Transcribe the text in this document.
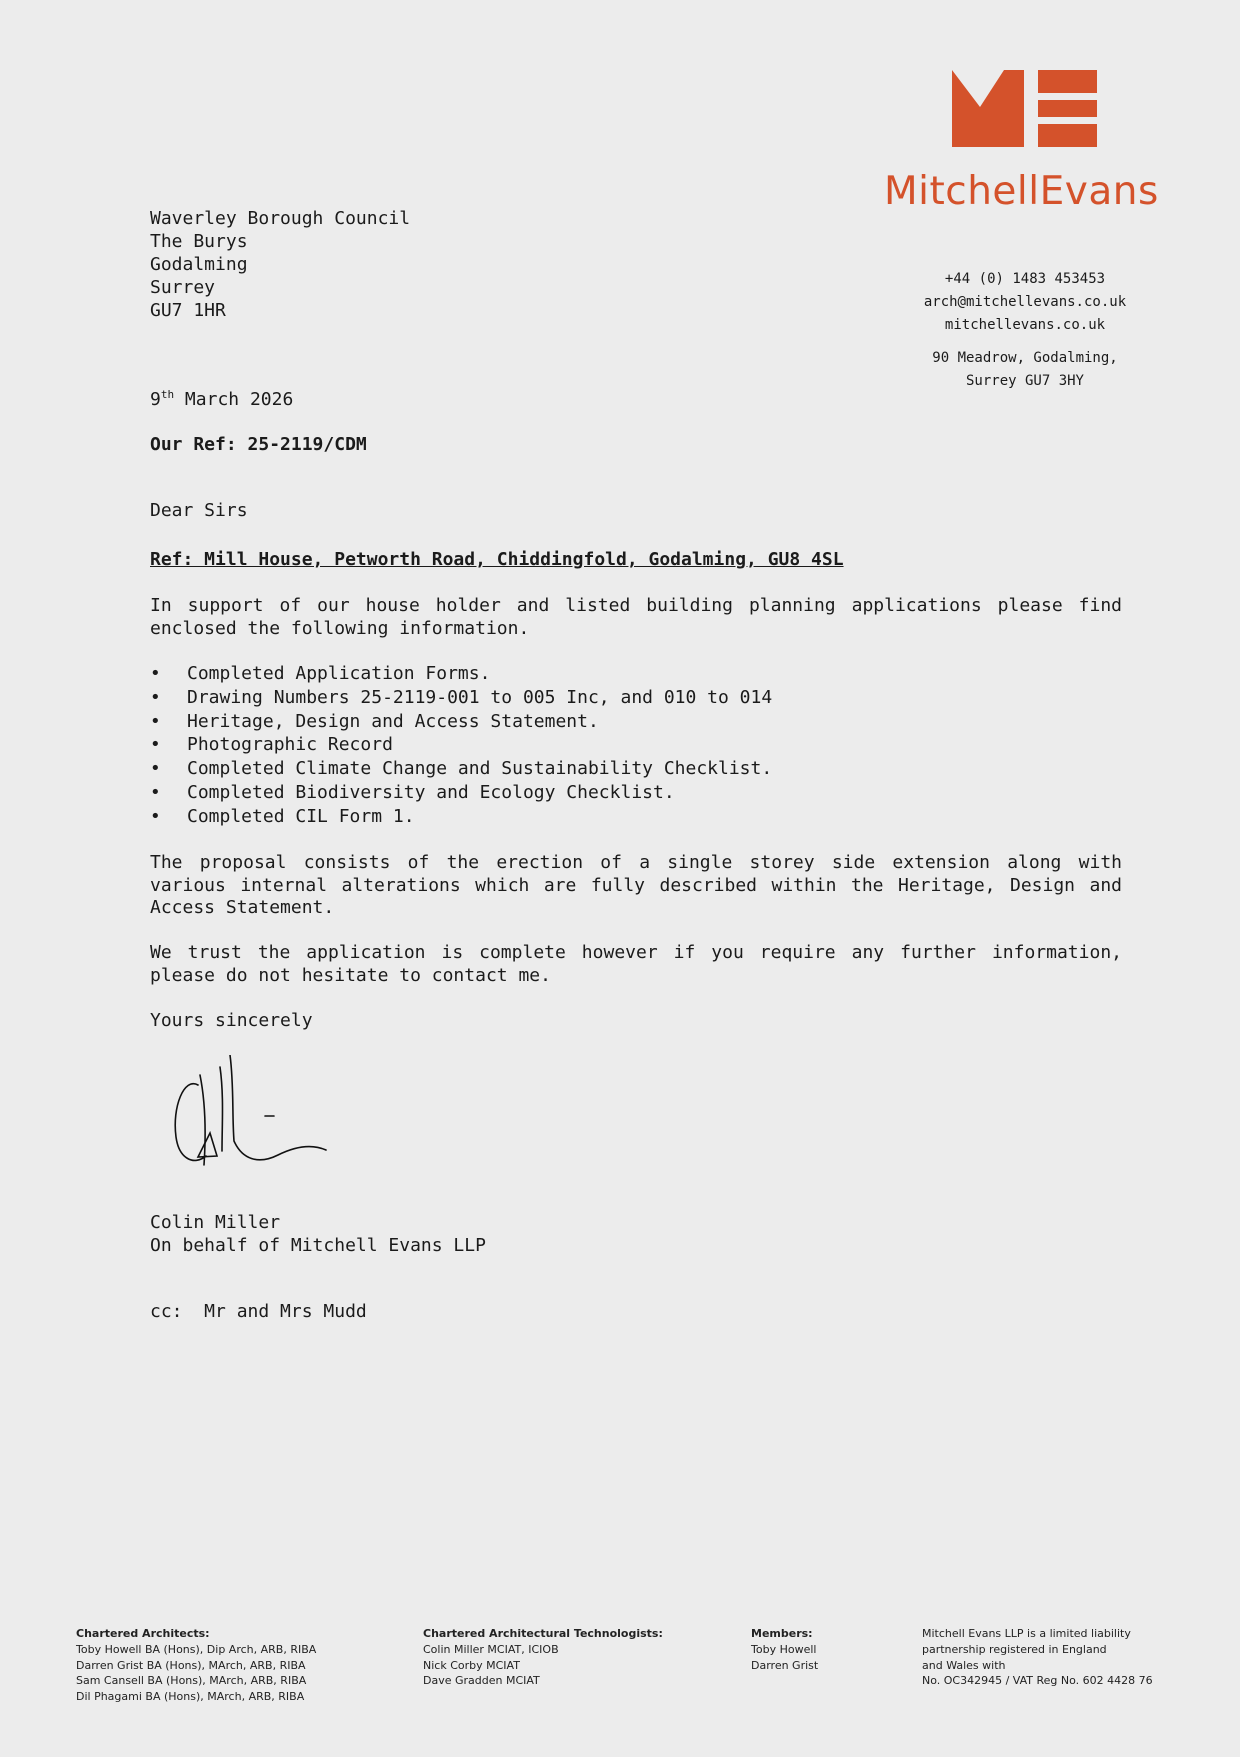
MitchellEvans
+44 (0) 1483 453453
arch@mitchellevans.co.uk
mitchellevans.co.uk
90 Meadrow, Godalming,
Surrey GU7 3HY
Waverley Borough Council
The Burys
Godalming
Surrey
GU7 1HR
9th March 2026
Our Ref: 25-2119/CDM
Dear Sirs
Ref: Mill House, Petworth Road, Chiddingfold, Godalming, GU8 4SL
In support of our house holder and listed building planning applications please find enclosed the following information.
• Completed Application Forms.
• Drawing Numbers 25-2119-001 to 005 Inc, and 010 to 014
• Heritage, Design and Access Statement.
• Photographic Record
• Completed Climate Change and Sustainability Checklist.
• Completed Biodiversity and Ecology Checklist.
• Completed CIL Form 1.
The proposal consists of the erection of a single storey side extension along with various internal alterations which are fully described within the Heritage, Design and Access Statement.
We trust the application is complete however if you require any further information, please do not hesitate to contact me.
Yours sincerely
Colin Miller
On behalf of Mitchell Evans LLP
cc:  Mr and Mrs Mudd
Chartered Architects:
Toby Howell BA (Hons), Dip Arch, ARB, RIBA
Darren Grist BA (Hons), MArch, ARB, RIBA
Sam Cansell BA (Hons), MArch, ARB, RIBA
Dil Phagami BA (Hons), MArch, ARB, RIBA
Chartered Architectural Technologists:
Colin Miller MCIAT, ICIOB
Nick Corby MCIAT
Dave Gradden MCIAT
Members:
Toby Howell
Darren Grist
Mitchell Evans LLP is a limited liability
partnership registered in England
and Wales with
No. OC342945 / VAT Reg No. 602 4428 76
